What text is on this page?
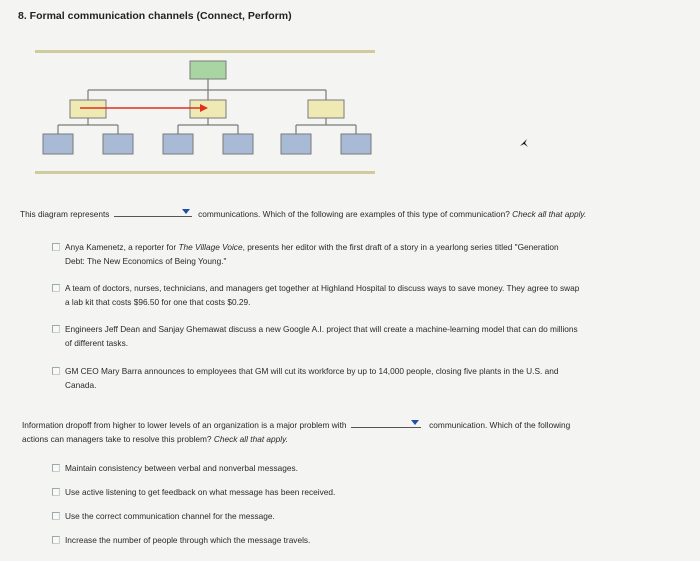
8. Formal communication channels (Connect, Perform)
This diagram represents	communications. Which of the following are examples of this type of communication? Check all that apply.
Anya Kamenetz, a reporter for The Village Voice, presents her editor with the first draft of a story in a yearlong series titled "Generation
Debt: The New Economics of Being Young."
A team of doctors, nurses, technicians, and managers get together at Highland Hospital to discuss ways to save money. They agree to swap
a lab kit that costs $96.50 for one that costs $0.29.
Engineers Jeff Dean and Sanjay Ghemawat discuss a new Google A.I. project that will create a machine-learning model that can do millions
of different tasks.
GM CEO Mary Barra announces to employees that GM will cut its workforce by up to 14,000 people, closing five plants in the U.S. and
Canada.
Information dropoff from higher to lower levels of an organization is a major problem with	communication. Which of the following
actions can managers take to resolve this problem? Check all that apply.
Maintain consistency between verbal and nonverbal messages.
Use active listening to get feedback on what message has been received.
Use the correct communication channel for the message.
Increase the number of people through which the message travels.
